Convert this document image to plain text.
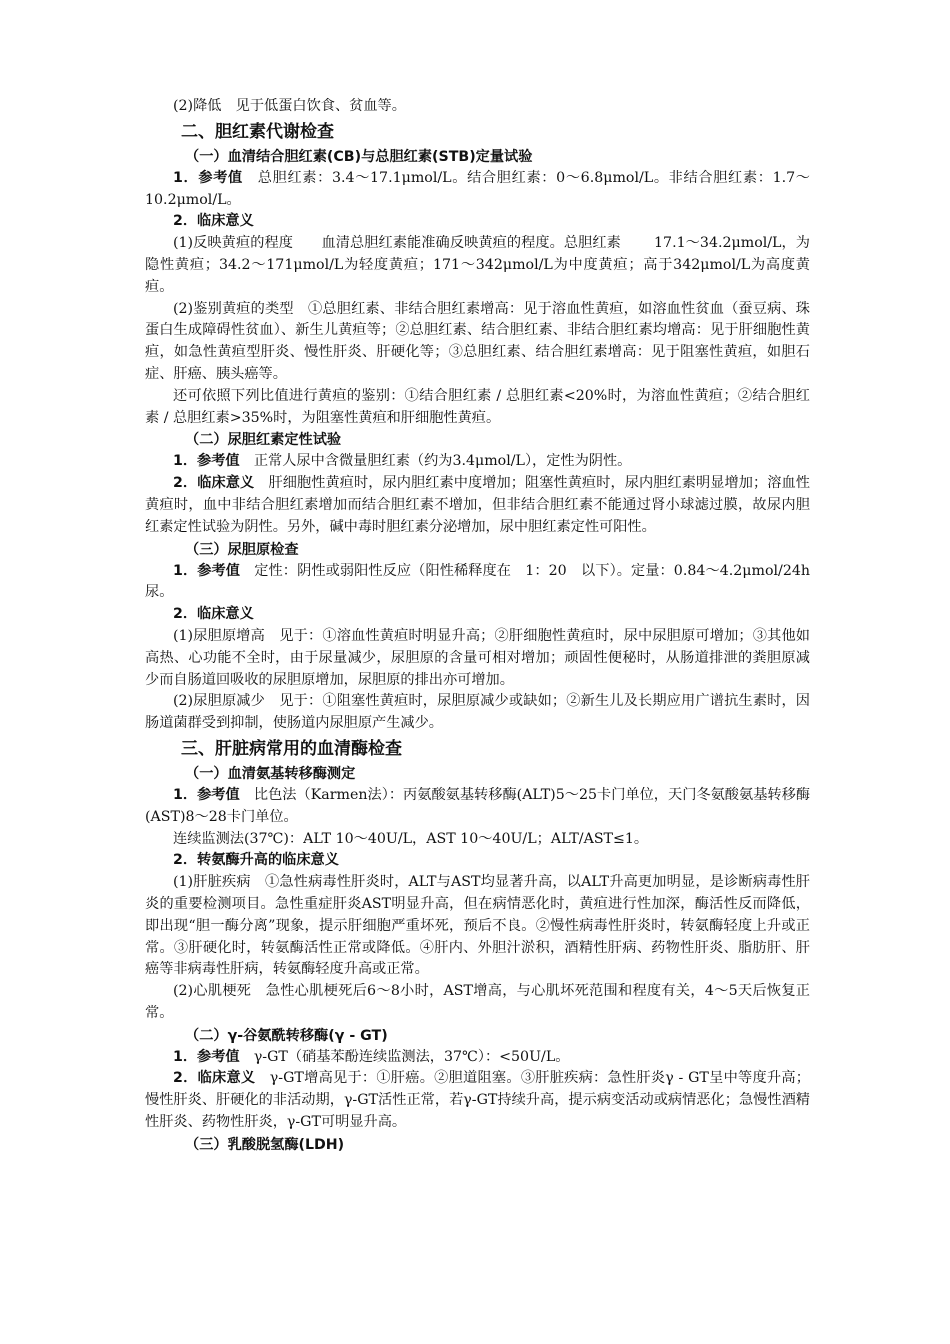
(2)降低　见于低蛋白饮食、贫血等。

二、胆红素代谢检查
（一）血清结合胆红素(CB)与总胆红素(STB)定量试验

1．参考值　总胆红素：3.4～17.1μmol/L。结合胆红素：0～6.8μmol/L。非结合胆红素：1.7～10.2μmol/L。

2．临床意义

(1)反映黄疸的程度　　血清总胆红素能准确反映黄疸的程度。总胆红素　　 17.1～34.2μmol/L，为隐性黄疸；34.2～171μmol/L为轻度黄疸；171～342μmol/L为中度黄疸；高于342μmol/L为高度黄疸。

(2)鉴别黄疸的类型　①总胆红素、非结合胆红素增高：见于溶血性黄疸，如溶血性贫血（蚕豆病、珠蛋白生成障碍性贫血）、新生儿黄疸等；②总胆红素、结合胆红素、非结合胆红素均增高：见于肝细胞性黄疸，如急性黄疸型肝炎、慢性肝炎、肝硬化等；③总胆红素、结合胆红素增高：见于阻塞性黄疸，如胆石症、肝癌、胰头癌等。

还可依照下列比值进行黄疸的鉴别：①结合胆红素 / 总胆红素<20%时，为溶血性黄疸；②结合胆红素 / 总胆红素>35%时，为阻塞性黄疸和肝细胞性黄疸。

（二）尿胆红素定性试验

1．参考值　正常人尿中含微量胆红素（约为3.4μmol/L），定性为阴性。

2．临床意义　肝细胞性黄疸时，尿内胆红素中度增加；阻塞性黄疸时，尿内胆红素明显增加；溶血性黄疸时，血中非结合胆红素增加而结合胆红素不增加，但非结合胆红素不能通过肾小球滤过膜，故尿内胆红素定性试验为阴性。另外，碱中毒时胆红素分泌增加，尿中胆红素定性可阳性。

（三）尿胆原检查

1．参考值　定性：阴性或弱阳性反应（阳性稀释度在　1：20　以下）。定量：0.84～4.2μmol/24h尿。

2．临床意义

(1)尿胆原增高　见于：①溶血性黄疸时明显升高；②肝细胞性黄疸时，尿中尿胆原可增加；③其他如高热、心功能不全时，由于尿量减少，尿胆原的含量可相对增加；顽固性便秘时，从肠道排泄的粪胆原减少而自肠道回吸收的尿胆原增加，尿胆原的排出亦可增加。

(2)尿胆原减少　见于：①阻塞性黄疸时，尿胆原减少或缺如；②新生儿及长期应用广谱抗生素时，因肠道菌群受到抑制，使肠道内尿胆原产生减少。

三、肝脏病常用的血清酶检查
（一）血清氨基转移酶测定

1．参考值　比色法（Karmen法）：丙氨酸氨基转移酶(ALT)5～25卡门单位，天门冬氨酸氨基转移酶(AST)8～28卡门单位。

连续监测法(37℃)：ALT 10～40U/L，AST 10～40U/L；ALT/AST≤1。

2．转氨酶升高的临床意义

(1)肝脏疾病　①急性病毒性肝炎时，ALT与AST均显著升高，以ALT升高更加明显，是诊断病毒性肝炎的重要检测项目。急性重症肝炎AST明显升高，但在病情恶化时，黄疸进行性加深，酶活性反而降低，即出现“胆一酶分离”现象，提示肝细胞严重坏死，预后不良。②慢性病毒性肝炎时，转氨酶轻度上升或正常。③肝硬化时，转氨酶活性正常或降低。④肝内、外胆汁淤积，酒精性肝病、药物性肝炎、脂肪肝、肝癌等非病毒性肝病，转氨酶轻度升高或正常。

(2)心肌梗死　急性心肌梗死后6～8小时，AST增高，与心肌坏死范围和程度有关，4～5天后恢复正常。

（二）γ-谷氨酰转移酶(γ - GT)

1．参考值　γ-GT（硝基苯酚连续监测法，37℃）：<50U/L。

2．临床意义　γ-GT增高见于：①肝癌。②胆道阻塞。③肝脏疾病：急性肝炎γ - GT呈中等度升高；慢性肝炎、肝硬化的非活动期，γ-GT活性正常，若γ-GT持续升高，提示病变活动或病情恶化；急慢性酒精性肝炎、药物性肝炎，γ-GT可明显升高。

（三）乳酸脱氢酶(LDH)
